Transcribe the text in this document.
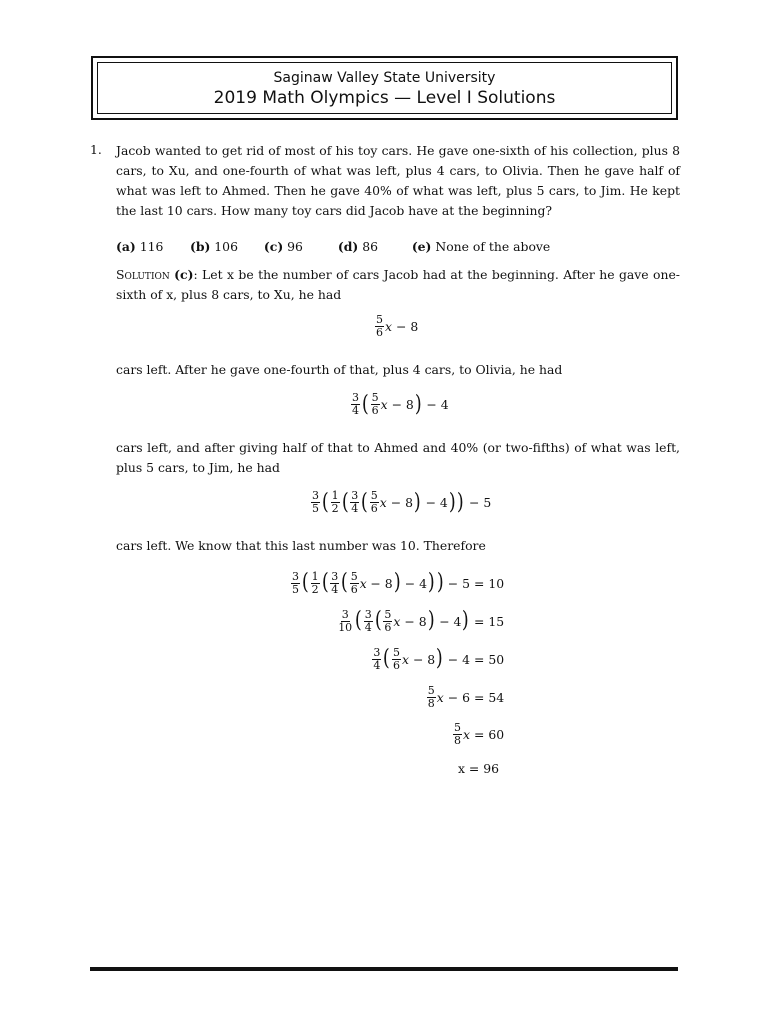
Saginaw Valley State University
2019 Math Olympics — Level I Solutions
1. Jacob wanted to get rid of most of his toy cars. He gave one-sixth of his collection, plus 8 cars, to Xu, and one-fourth of what was left, plus 4 cars, to Olivia. Then he gave half of what was left to Ahmed. Then he gave 40% of what was left, plus 5 cars, to Jim. He kept the last 10 cars. How many toy cars did Jacob have at the beginning?

(a) 116 (b) 106 (c) 96	(d) 86	(e) None of the above

Solution (c): Let x be the number of cars Jacob had at the beginning. After he gave one-sixth of x, plus 8 cars, to Xu, he had

$\frac{5}{6}$ x − 8

cars left. After he gave one-fourth of that, plus 4 cars, to Olivia, he had

$\frac{3}{4}$ ( $\frac{5}{6}$ x − 8 ) − 4

cars left, and after giving half of that to Ahmed and 40% (or two-fifths) of what was left, plus 5 cars, to Jim, he had

$\frac{3}{5}$ ( $\frac{1}{2}$ ( $\frac{3}{4}$ ( $\frac{5}{6}$ x − 8 ) − 4 ) ) − 5

cars left. We know that this last number was 10. Therefore

$\frac{3}{5}$ ( $\frac{1}{2}$ ( $\frac{3}{4}$ ( $\frac{5}{6}$ x − 8 ) − 4 ) ) − 5 = 10
$\frac{3}{10}$ ( $\frac{3}{4}$ ( $\frac{5}{6}$ x − 8 ) − 4 ) = 15
$\frac{3}{4}$ ( $\frac{5}{6}$ x − 8 ) − 4 = 50
$\frac{5}{8}$ x − 6 = 54
$\frac{5}{8}$ x = 60
x = 96
